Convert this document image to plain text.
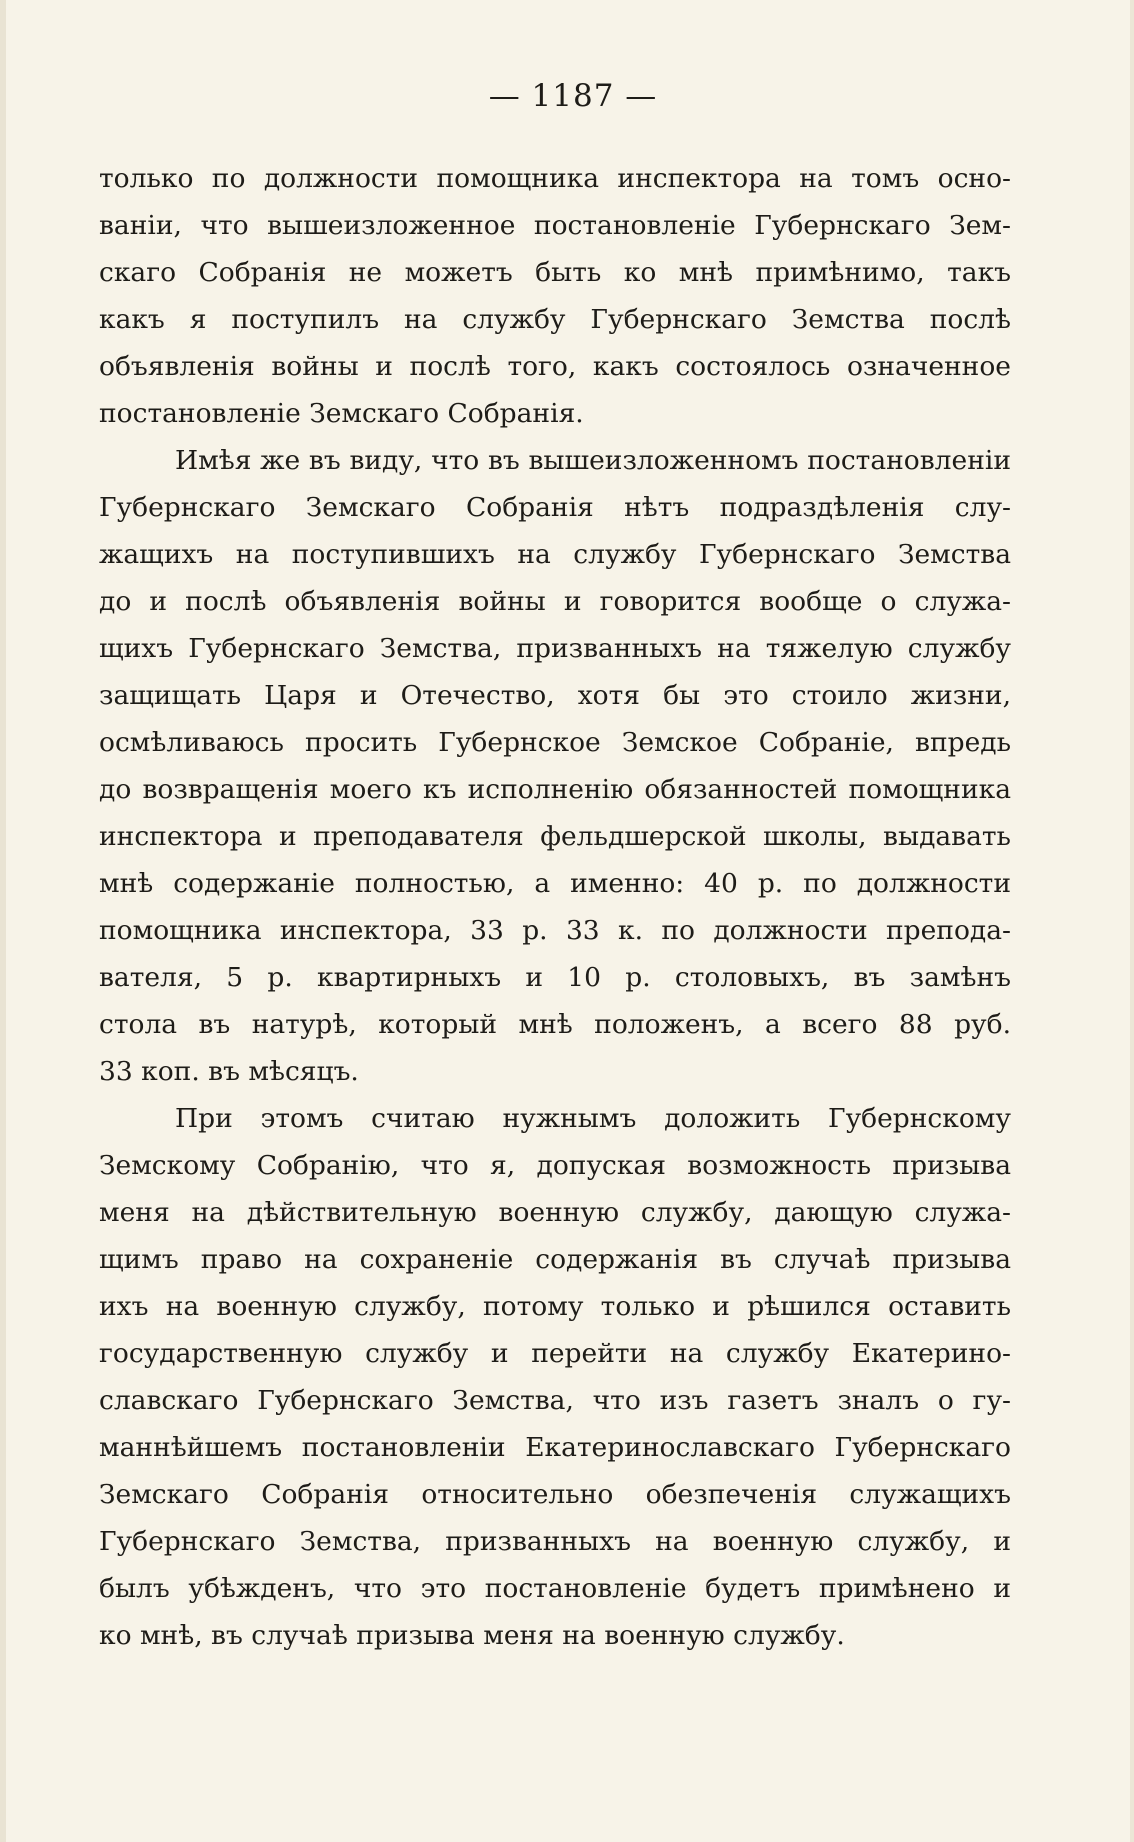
— 1187 —
только по должности помощника инспектора на томъ осно-
ваніи, что вышеизложенное постановленіе Губернскаго Зем-
скаго Собранія не можетъ быть ко мнѣ примѣнимо, такъ
какъ я поступилъ на службу Губернскаго Земства послѣ
объявленія войны и послѣ того, какъ состоялось означенное
постановленіе Земскаго Собранія.
Имѣя же въ виду, что въ вышеизложенномъ постановленіи
Губернскаго Земскаго Собранія нѣтъ подраздѣленія слу-
жащихъ на поступившихъ на службу Губернскаго Земства
до и послѣ объявленія войны и говорится вообще о служа-
щихъ Губернскаго Земства, призванныхъ на тяжелую службу
защищать Царя и Отечество, хотя бы это стоило жизни,
осмѣливаюсь просить Губернское Земское Собраніе, впредь
до возвращенія моего къ исполненію обязанностей помощника
инспектора и преподавателя фельдшерской школы, выдавать
мнѣ содержаніе полностью, а именно: 40 р. по должности
помощника инспектора, 33 р. 33 к. по должности препода-
вателя, 5 р. квартирныхъ и 10 р. столовыхъ, въ замѣнъ
стола въ натурѣ, который мнѣ положенъ, а всего 88 руб.
33 коп. въ мѣсяцъ.
При этомъ считаю нужнымъ доложить Губернскому
Земскому Собранію, что я, допуская возможность призыва
меня на дѣйствительную военную службу, дающую служа-
щимъ право на сохраненіе содержанія въ случаѣ призыва
ихъ на военную службу, потому только и рѣшился оставить
государственную службу и перейти на службу Екатерино-
славскаго Губернскаго Земства, что изъ газетъ зналъ о гу-
маннѣйшемъ постановленіи Екатеринославскаго Губернскаго
Земскаго Собранія относительно обезпеченія служащихъ
Губернскаго Земства, призванныхъ на военную службу, и
былъ убѣжденъ, что это постановленіе будетъ примѣнено и
ко мнѣ, въ случаѣ призыва меня на военную службу.
